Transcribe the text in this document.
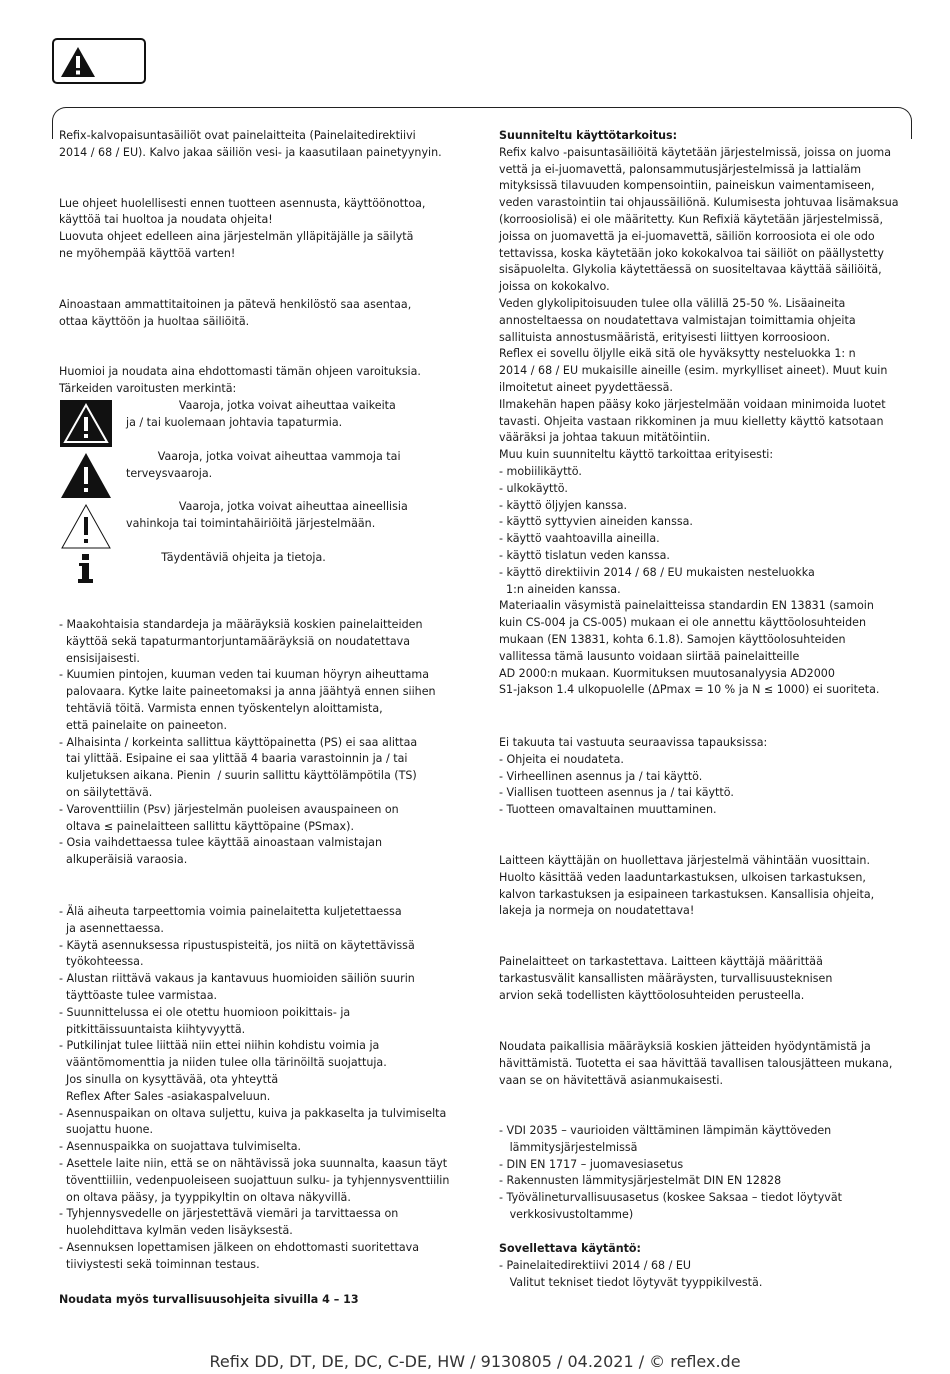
Refix-kalvopaisuntasäiliöt ovat painelaitteita (Painelaitedirektiivi

2014 / 68 / EU). Kalvo jakaa säiliön vesi- ja kaasutilaan painetyynyin.

Lue ohjeet huolellisesti ennen tuotteen asennusta, käyttöönottoa,

käyttöä tai huoltoa ja noudata ohjeita!

Luovuta ohjeet edelleen aina järjestelmän ylläpitäjälle ja säilytä

ne myöhempää käyttöä varten!

Ainoastaan ammattitaitoinen ja pätevä henkilöstö saa asentaa,

ottaa käyttöön ja huoltaa säiliöitä.

Huomioi ja noudata aina ehdottomasti tämän ohjeen varoituksia.

Tärkeiden varoitusten merkintä:

Vaaroja, jotka voivat aiheuttaa vaikeita
ja / tai kuolemaan johtavia tapaturmia.
Vaaroja, jotka voivat aiheuttaa vammoja tai
terveysvaaroja.
Vaaroja, jotka voivat aiheuttaa aineellisia
vahinkoja tai toimintahäiriöitä järjestelmään.
Täydentäviä ohjeita ja tietoja.

- Maakohtaisia standardeja ja määräyksiä koskien painelaitteiden

käyttöä sekä tapaturmantorjuntamääräyksiä on noudatettava

ensisijaisesti.

- Kuumien pintojen, kuuman veden tai kuuman höyryn aiheuttama

palovaara. Kytke laite paineetomaksi ja anna jäähtyä ennen siihen

tehtäviä töitä. Varmista ennen työskentelyn aloittamista,

että painelaite on paineeton.

- Alhaisinta / korkeinta sallittua käyttöpainetta (PS) ei saa alittaa

tai ylittää. Esipaine ei saa ylittää 4 baaria varastoinnin ja / tai

kuljetuksen aikana. Pienin  / suurin sallittu käyttölämpötila (TS)

on säilytettävä.

- Varoventtiilin (Psv) järjestelmän puoleisen avauspaineen on

oltava ≤ painelaitteen sallittu käyttöpaine (PSmax).

- Osia vaihdettaessa tulee käyttää ainoastaan valmistajan

alkuperäisiä varaosia.

- Älä aiheuta tarpeettomia voimia painelaitetta kuljetettaessa

ja asennettaessa.

- Käytä asennuksessa ripustuspisteitä, jos niitä on käytettävissä

työkohteessa.

- Alustan riittävä vakaus ja kantavuus huomioiden säiliön suurin

täyttöaste tulee varmistaa.

- Suunnittelussa ei ole otettu huomioon poikittais- ja

pitkittäissuuntaista kiihtyvyyttä.

- Putkilinjat tulee liittää niin ettei niihin kohdistu voimia ja

vääntömomenttia ja niiden tulee olla tärinöiltä suojattuja.

Jos sinulla on kysyttävää, ota yhteyttä

Reflex After Sales -asiakaspalveluun.

- Asennuspaikan on oltava suljettu, kuiva ja pakkaselta ja tulvimiselta

suojattu huone.

- Asennuspaikka on suojattava tulvimiselta.

- Asettele laite niin, että se on nähtävissä joka suunnalta, kaasun täyt

töventtiiliin, vedenpuoleiseen suojattuun sulku- ja tyhjennysventtiilin

on oltava pääsy, ja tyyppikyltin on oltava näkyvillä.

- Tyhjennysvedelle on järjestettävä viemäri ja tarvittaessa on

huolehdittava kylmän veden lisäyksestä.

- Asennuksen lopettamisen jälkeen on ehdottomasti suoritettava

tiiviystesti sekä toiminnan testaus.

Noudata myös turvallisuusohjeita sivuilla 4 – 13

Suunniteltu käyttötarkoitus:

Refix kalvo -paisuntasäiliöitä käytetään järjestelmissä, joissa on juoma

vettä ja ei-juomavettä, palonsammutusjärjestelmissä ja lattialäm

mityksissä tilavuuden kompensointiin, paineiskun vaimentamiseen,

veden varastointiin tai ohjaussäiliönä. Kulumisesta johtuvaa lisämaksua

(korroosiolisä) ei ole määritetty. Kun Refixiä käytetään järjestelmissä,

joissa on juomavettä ja ei-juomavettä, säiliön korroosiota ei ole odo

tettavissa, koska käytetään joko kokokalvoa tai säiliöt on päällystetty

sisäpuolelta. Glykolia käytettäessä on suositeltavaa käyttää säiliöitä,

joissa on kokokalvo.

Veden glykolipitoisuuden tulee olla välillä 25-50 %. Lisäaineita

annosteltaessa on noudatettava valmistajan toimittamia ohjeita

sallituista annostusmääristä, erityisesti liittyen korroosioon.

Reflex ei sovellu öljylle eikä sitä ole hyväksytty nesteluokka 1: n

2014 / 68 / EU mukaisille aineille (esim. myrkylliset aineet). Muut kuin

ilmoitetut aineet pyydettäessä.

Ilmakehän hapen pääsy koko järjestelmään voidaan minimoida luotet

tavasti. Ohjeita vastaan rikkominen ja muu kielletty käyttö katsotaan

vääräksi ja johtaa takuun mitätöintiin.

Muu kuin suunniteltu käyttö tarkoittaa erityisesti:

- mobiilikäyttö.

- ulkokäyttö.

- käyttö öljyjen kanssa.

- käyttö syttyvien aineiden kanssa.

- käyttö vaahtoavilla aineilla.

- käyttö tislatun veden kanssa.

- käyttö direktiivin 2014 / 68 / EU mukaisten nesteluokka

1:n aineiden kanssa.

Materiaalin väsymistä painelaitteissa standardin EN 13831 (samoin

kuin CS-004 ja CS-005) mukaan ei ole annettu käyttöolosuhteiden

mukaan (EN 13831, kohta 6.1.8). Samojen käyttöolosuhteiden

vallitessa tämä lausunto voidaan siirtää painelaitteille

AD 2000:n mukaan. Kuormituksen muutosanalyysia AD2000

S1-jakson 1.4 ulkopuolelle (ΔPmax = 10 % ja N ≤ 1000) ei suoriteta.

Ei takuuta tai vastuuta seuraavissa tapauksissa:

- Ohjeita ei noudateta.

- Virheellinen asennus ja / tai käyttö.

- Viallisen tuotteen asennus ja / tai käyttö.

- Tuotteen omavaltainen muuttaminen.

Laitteen käyttäjän on huollettava järjestelmä vähintään vuosittain.

Huolto käsittää veden laaduntarkastuksen, ulkoisen tarkastuksen,

kalvon tarkastuksen ja esipaineen tarkastuksen. Kansallisia ohjeita,

lakeja ja normeja on noudatettava!

Painelaitteet on tarkastettava. Laitteen käyttäjä määrittää

tarkastusvälit kansallisten määräysten, turvallisuusteknisen

arvion sekä todellisten käyttöolosuhteiden perusteella.

Noudata paikallisia määräyksiä koskien jätteiden hyödyntämistä ja

hävittämistä. Tuotetta ei saa hävittää tavallisen talousjätteen mukana,

vaan se on hävitettävä asianmukaisesti.

- VDI 2035 – vaurioiden välttäminen lämpimän käyttöveden

lämmitysjärjestelmissä

- DIN EN 1717 – juomavesiasetus

- Rakennusten lämmitysjärjestelmät DIN EN 12828

- Työvälineturvallisuusasetus (koskee Saksaa – tiedot löytyvät

verkkosivustoltamme)

Sovellettava käytäntö:

- Painelaitedirektiivi 2014 / 68 / EU

Valitut tekniset tiedot löytyvät tyyppikilvestä.

Refix DD, DT, DE, DC, C-DE, HW / 9130805 / 04.2021 / © reflex.de
